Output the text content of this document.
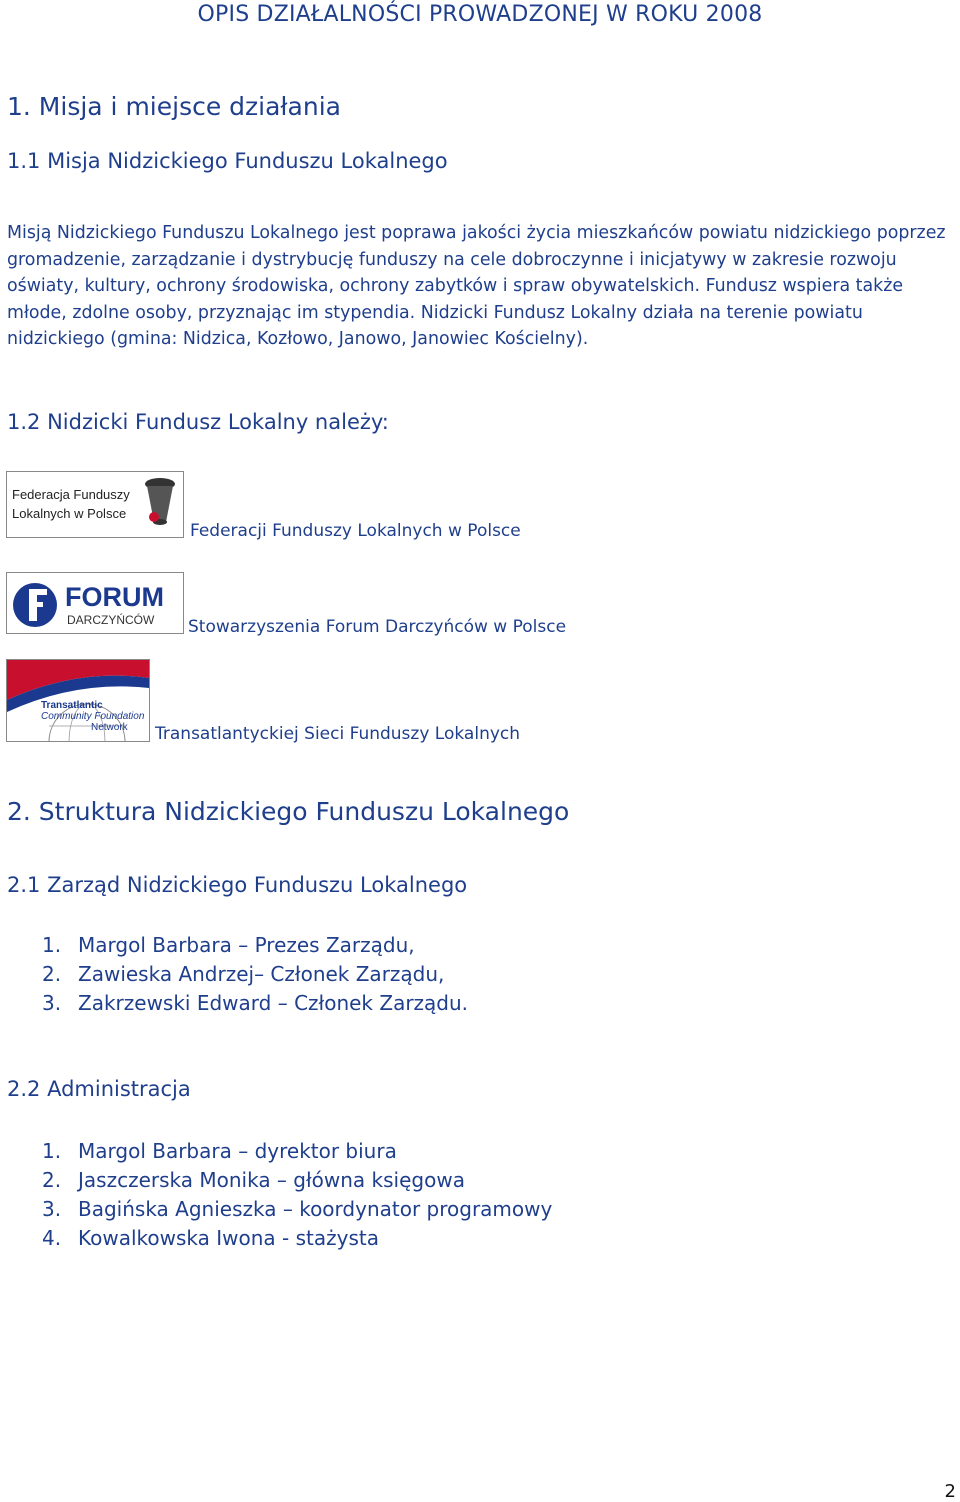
OPIS DZIAŁALNOŚCI PROWADZONEJ W ROKU 2008
1. Misja i miejsce działania
1.1 Misja Nidzickiego Funduszu Lokalnego

Misją Nidzickiego Funduszu Lokalnego jest poprawa jakości życia mieszkańców powiatu nidzickiego poprzez gromadzenie, zarządzanie i dystrybucję funduszy na cele dobroczynne i inicjatywy w zakresie rozwoju oświaty, kultury, ochrony środowiska, ochrony zabytków i spraw obywatelskich. Fundusz wspiera także młode, zdolne osoby, przyznając im stypendia. Nidzicki Fundusz Lokalny działa na terenie powiatu nidzickiego (gmina: Nidzica, Kozłowo, Janowo, Janowiec Kościelny).

1.2 Nidzicki Fundusz Lokalny należy:
Federacja Funduszy
Lokalnych w Polsce
Federacji Funduszy Lokalnych w Polsce
FORUM
DARCZYŃCÓW Stowarzyszenia Forum Darczyńców w Polsce
Transatlantic
Community Foundation
Network Transatlantyckiej Sieci Funduszy Lokalnych
2. Struktura Nidzickiego Funduszu Lokalnego
2.1 Zarząd Nidzickiego Funduszu Lokalnego
1. Margol Barbara – Prezes Zarządu,
2. Zawieska Andrzej– Członek Zarządu,
3. Zakrzewski Edward – Członek Zarządu.
2.2 Administracja
1. Margol Barbara – dyrektor biura
2. Jaszczerska Monika – główna księgowa
3. Bagińska Agnieszka – koordynator programowy
4. Kowalkowska Iwona - stażysta
2
